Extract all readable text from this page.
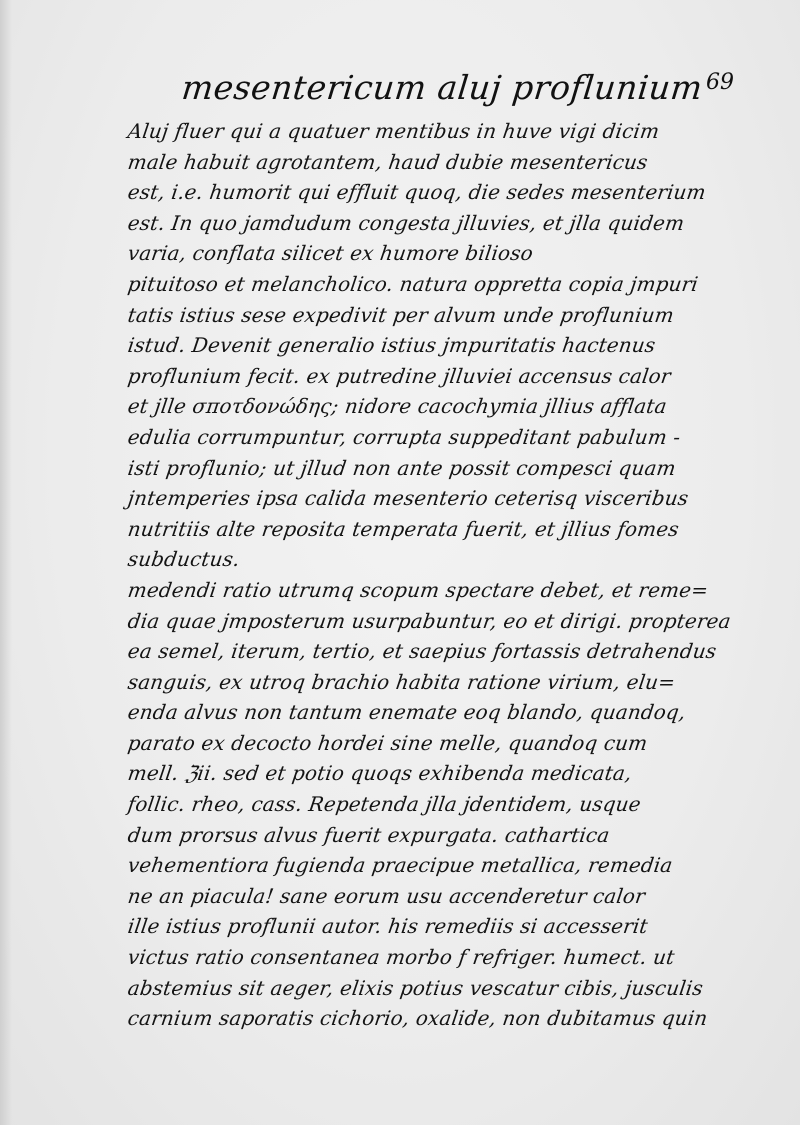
mesentericum aluj proflunium 69
Aluj fluer qui a quatuer mentibus in huve vigi dicim
male habuit agrotantem, haud dubie mesentericus
est, i.e. humorit qui effluit quoq, die sedes mesenterium
est. In quo jamdudum congesta jlluvies, et jlla quidem
varia, conflata silicet ex humore bilioso
pituitoso et melancholico. natura oppretta copia jmpuri
tatis istius sese expedivit per alvum unde proflunium
istud. Devenit generalio istius jmpuritatis hactenus
proflunium fecit. ex putredine jlluviei accensus calor
et jlle σποτδονώδης; nidore cacochymia jllius afflata
edulia corrumpuntur, corrupta suppeditant pabulum -
isti proflunio; ut jllud non ante possit compesci quam
jntemperies ipsa calida mesenterio ceterisq visceribus
nutritiis alte reposita temperata fuerit, et jllius fomes
subductus.
medendi ratio utrumq scopum spectare debet, et reme=
dia quae jmposterum usurpabuntur, eo et dirigi. propterea
ea semel, iterum, tertio, et saepius fortassis detrahendus
sanguis, ex utroq brachio habita ratione virium, elu=
enda alvus non tantum enemate eoq blando, quandoq,
parato ex decocto hordei sine melle, quandoq cum
mell. ℨii. sed et potio quoqs exhibenda medicata,
follic. rheo, cass. Repetenda jlla jdentidem, usque
dum prorsus alvus fuerit expurgata. cathartica
vehementiora fugienda praecipue metallica, remedia
ne an piacula! sane eorum usu accenderetur calor
ille istius proflunii autor. his remediis si accesserit
victus ratio consentanea morbo f refriger. humect. ut
abstemius sit aeger, elixis potius vescatur cibis, jusculis
carnium saporatis cichorio, oxalide, non dubitamus quin
